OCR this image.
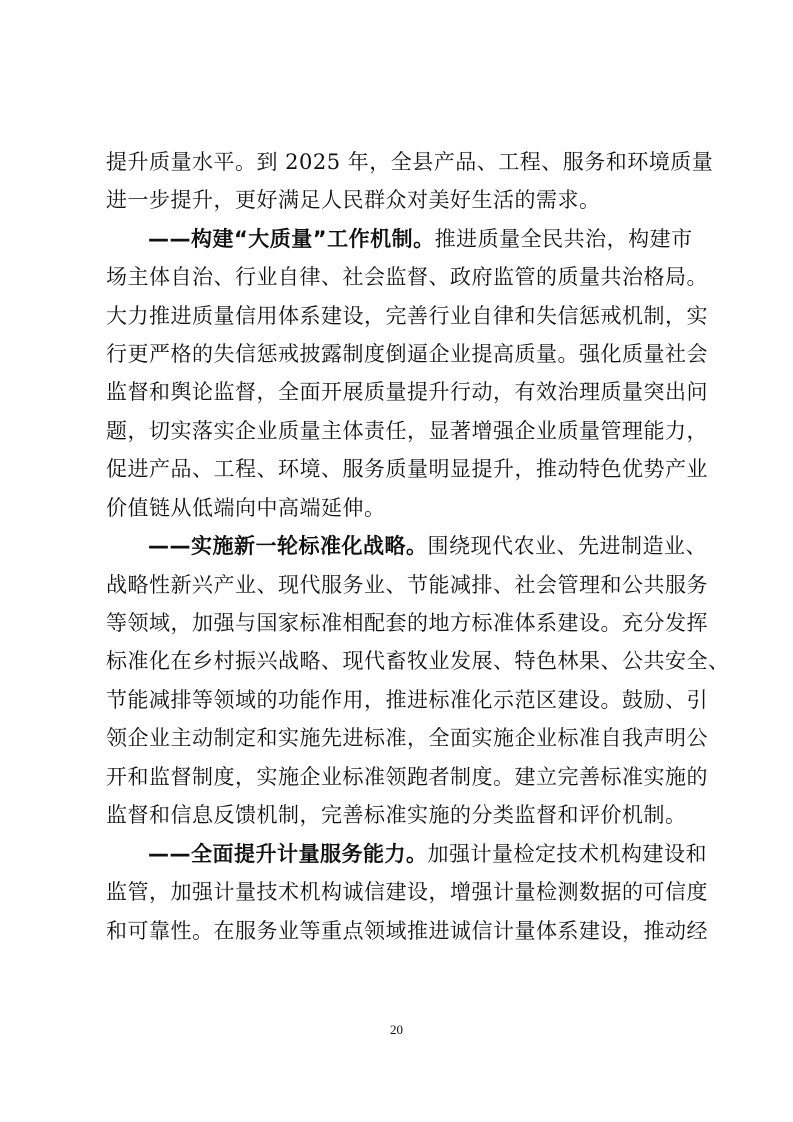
提升质量水平。到 2025 年，全县产品、工程、服务和环境质量
进一步提升，更好满足人民群众对美好生活的需求。
——构建“大质量”工作机制。推进质量全民共治，构建市
场主体自治、行业自律、社会监督、政府监管的质量共治格局。
大力推进质量信用体系建设，完善行业自律和失信惩戒机制，实
行更严格的失信惩戒披露制度倒逼企业提高质量。强化质量社会
监督和舆论监督，全面开展质量提升行动，有效治理质量突出问
题，切实落实企业质量主体责任，显著增强企业质量管理能力，
促进产品、工程、环境、服务质量明显提升，推动特色优势产业
价值链从低端向中高端延伸。
——实施新一轮标准化战略。围绕现代农业、先进制造业、
战略性新兴产业、现代服务业、节能减排、社会管理和公共服务
等领域，加强与国家标准相配套的地方标准体系建设。充分发挥
标准化在乡村振兴战略、现代畜牧业发展、特色林果、公共安全、
节能减排等领域的功能作用，推进标准化示范区建设。鼓励、引
领企业主动制定和实施先进标准，全面实施企业标准自我声明公
开和监督制度，实施企业标准领跑者制度。建立完善标准实施的
监督和信息反馈机制，完善标准实施的分类监督和评价机制。
——全面提升计量服务能力。加强计量检定技术机构建设和
监管，加强计量技术机构诚信建设，增强计量检测数据的可信度
和可靠性。在服务业等重点领域推进诚信计量体系建设，推动经
20
